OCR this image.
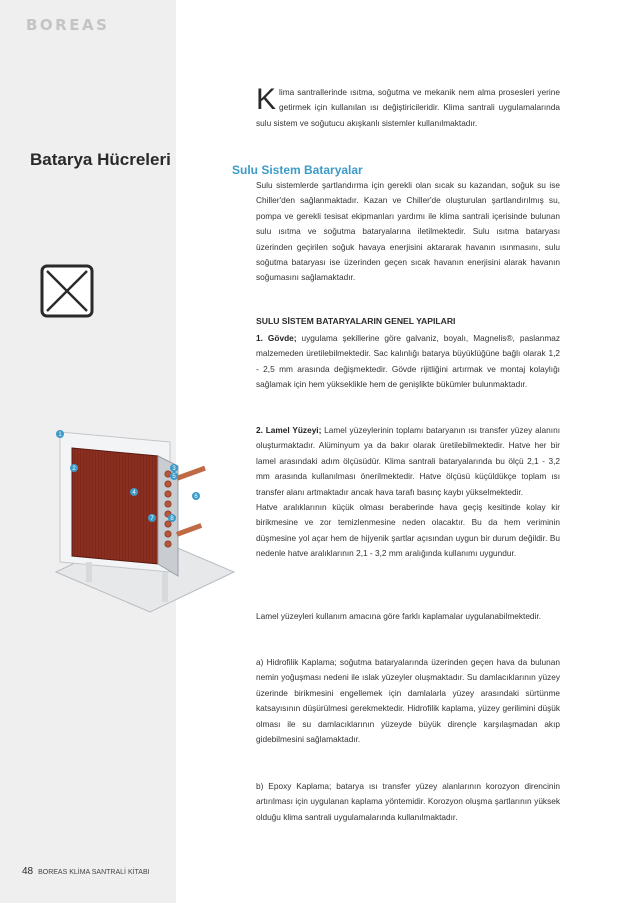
BOREAS
Batarya Hücreleri
Klima santrallerinde ısıtma, soğutma ve mekanik nem alma prosesleri yerine getirmek için kullanılan ısı değiştiricileridir. Klima santrali uygulamalarında sulu sistem ve soğutucu akışkanlı sistemler kullanılmaktadır.
Sulu Sistem Bataryalar
Sulu sistemlerde şartlandırma için gerekli olan sıcak su kazandan, soğuk su ise Chiller'den sağlanmaktadır. Kazan ve Chiller'de oluşturulan şartlandırılmış su, pompa ve gerekli tesisat ekipmanları yardımı ile klima santrali içerisinde bulunan sulu ısıtma ve soğutma bataryalarına iletilmektedir. Sulu ısıtma bataryası üzerinden geçirilen soğuk havaya enerjisini aktararak havanın ısınmasını, sulu soğutma bataryası ise üzerinden geçen sıcak havanın enerjisini alarak havanın soğumasını sağlamaktadır.
SULU SİSTEM BATARYALARIN GENEL YAPILARI
1. Gövde; uygulama şekillerine göre galvaniz, boyalı, Magnelis®, paslanmaz malzemeden üretilebilmektedir. Sac kalınlığı batarya büyüklüğüne bağlı olarak 1,2 - 2,5 mm arasında değişmektedir. Gövde rijitliğini artırmak ve montaj kolaylığı sağlamak için hem yükseklikle hem de genişlikte bükümler bulunmaktadır.
2. Lamel Yüzeyi; Lamel yüzeylerinin toplamı bataryanın ısı transfer yüzey alanını oluşturmaktadır. Alüminyum ya da bakır olarak üretilebilmektedir. Hatve her bir lamel arasındaki adım ölçüsüdür. Klima santrali bataryalarında bu ölçü 2,1 - 3,2 mm arasında kullanılması önerilmektedir. Hatve ölçüsü küçüldükçe toplam ısı transfer alanı artmaktadır ancak hava tarafı basınç kaybı yükselmektedir.
Hatve aralıklarının küçük olması beraberinde hava geçiş kesitinde kolay kir birikmesine ve zor temizlenmesine neden olacaktır. Bu da hem veriminin düşmesine yol açar hem de hijyenik şartlar açısından uygun bir durum değildir. Bu nedenle hatve aralıklarının 2,1 - 3,2 mm aralığında kullanımı uygundur.
Lamel yüzeyleri kullanım amacına göre farklı kaplamalar uygulanabilmektedir.
a) Hidrofilik Kaplama; soğutma bataryalarında üzerinden geçen hava da bulunan nemin yoğuşması nedeni ile ıslak yüzeyler oluşmaktadır. Su damlacıklarının yüzey üzerinde birikmesini engellemek için damlalarla yüzey arasındaki sürtünme katsayısının düşürülmesi gerekmektedir. Hidrofilik kaplama, yüzey gerilimini düşük olması ile su damlacıklarının yüzeyde büyük dirençle karşılaşmadan akıp gidebilmesini sağlamaktadır.
b) Epoxy Kaplama; batarya ısı transfer yüzey alanlarının korozyon direncinin artırılması için uygulanan kaplama yöntemidir. Korozyon oluşma şartlarının yüksek olduğu klima santrali uygulamalarında kullanılmaktadır.
1
2	3
4
5
6
7	8
48 BOREAS KLİMA SANTRALİ KİTABI
